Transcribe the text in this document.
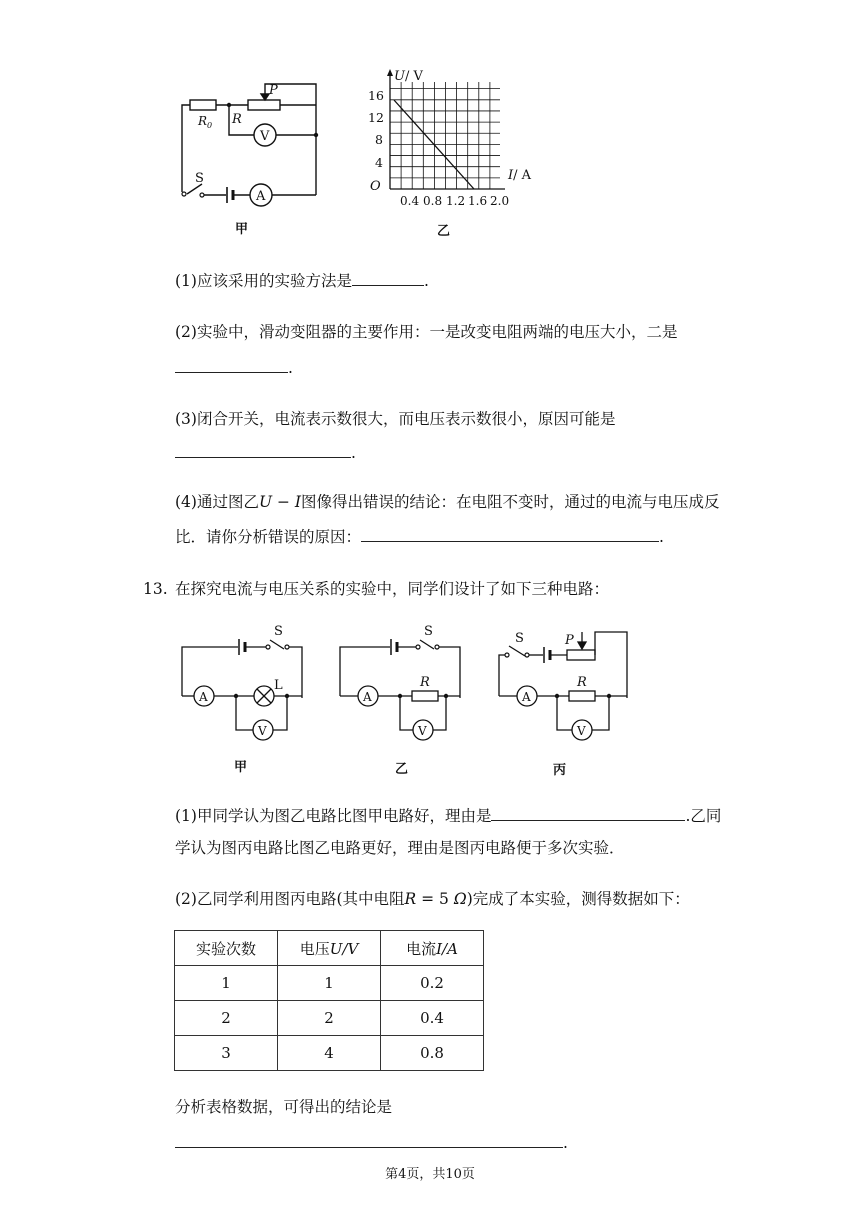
$R_0$ R
P
V
S
A
甲
U/ V
I/ A
O
16
12
8
4
0.4 0.8 1.2 1.6 2.0
乙
(1)应该采用的实验方法是	.
(2)实验中，滑动变阻器的主要作用：一是改变电阻两端的电压大小，二是
.
(3)闭合开关，电流表示数很大，而电压表示数很小，原因可能是
.
(4)通过图乙U − I图像得出错误的结论：在电阻不变时，通过的电流与电压成反
比．请你分析错误的原因：	.
13. 在探究电流与电压关系的实验中，同学们设计了如下三种电路：
S
A
L
V
甲
S
A
R
V
乙
S	P
A
R
V
丙
(1)甲同学认为图乙电路比图甲电路好，理由是	.乙同
学认为图丙电路比图乙电路更好，理由是图丙电路便于多次实验．
(2)乙同学利用图丙电路(其中电阻R = 5 Ω)完成了本实验，测得数据如下：
实验次数	电压U/V	电流I/A
1	1	0.2
2	2	0.4
3	4	0.8
分析表格数据，可得出的结论是
.
第4页，共10页
